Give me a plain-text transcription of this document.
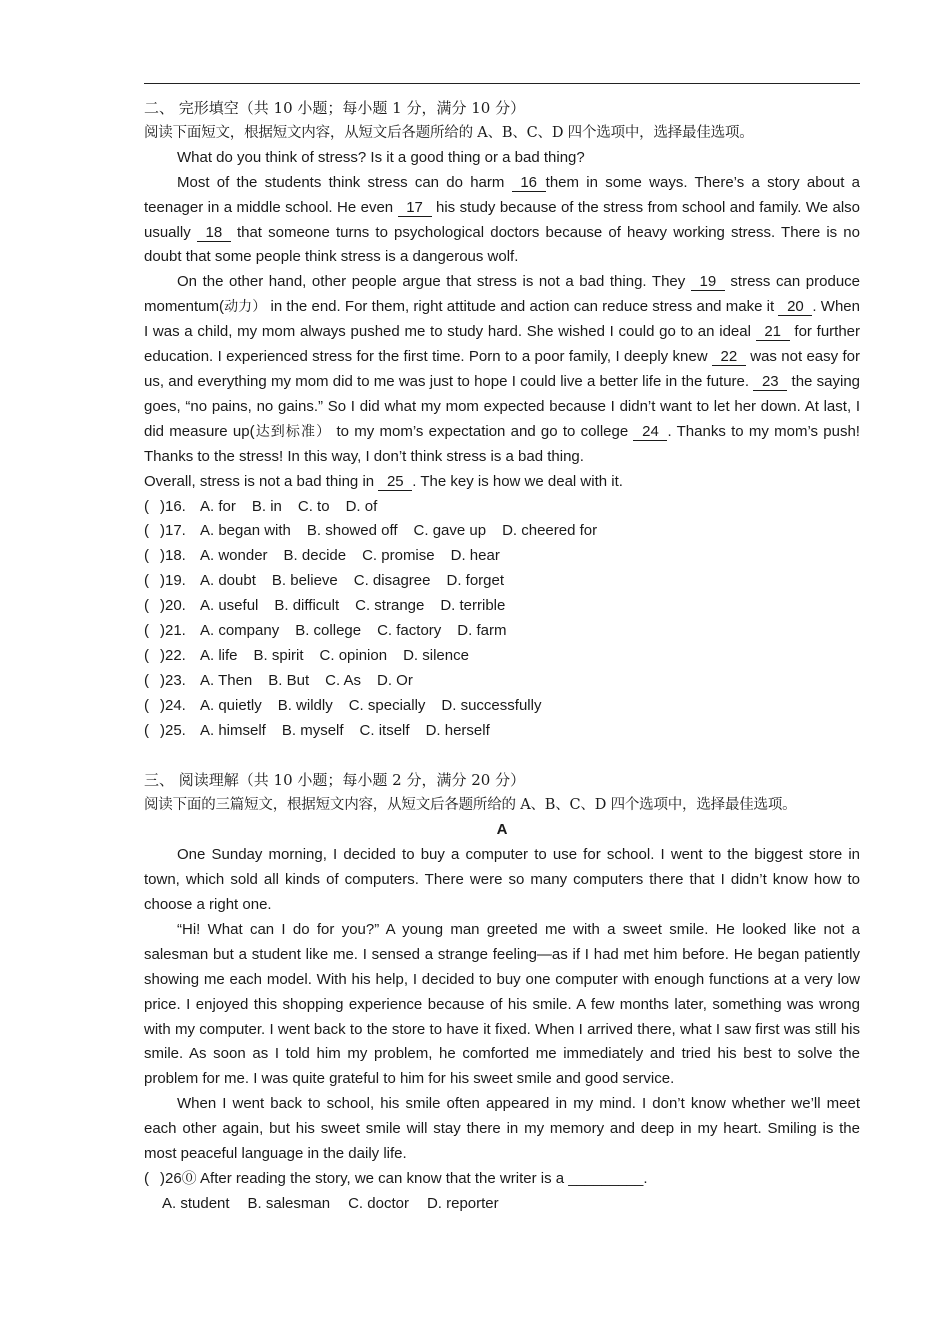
二、 完形填空（共 10 小题；每小题 1 分，满分 10 分）

阅读下面短文，根据短文内容，从短文后各题所给的 A、B、C、D 四个选项中，选择最佳选项。

What do you think of stress? Is it a good thing or a bad thing?

Most of the students think stress can do harm 16 them in some ways. There’s a story about a teenager in a middle school. He even 17 his study because of the stress from school and family. We also usually 18 that someone turns to psychological doctors because of heavy working stress. There is no doubt that some people think stress is a dangerous wolf.

On the other hand, other people argue that stress is not a bad thing. They 19 stress can produce momentum(动力） in the end. For them, right attitude and action can reduce stress and make it 20 . When I was a child, my mom always pushed me to study hard. She wished I could go to an ideal 21 for further education. I experienced stress for the first time. Porn to a poor family, I deeply knew 22 was not easy for us, and everything my mom did to me was just to hope I could live a better life in the future. 23 the saying goes, “no pains, no gains.” So I did what my mom expected because I didn’t want to let her down. At last, I did measure up(达到标准） to my mom’s expectation and go to college 24 . Thanks to my mom’s push! Thanks to the stress! In this way, I don’t think stress is a bad thing.

Overall, stress is not a bad thing in 25 . The key is how we deal with it.

( )16. A. for B. in C. to D. of

( )17. A. began with B. showed off C. gave up D. cheered for

( )18. A. wonder B. decide C. promise D. hear

( )19. A. doubt B. believe C. disagree D. forget

( )20. A. useful B. difficult C. strange D. terrible

( )21. A. company B. college C. factory D. farm

( )22. A. life B. spirit C. opinion D. silence

( )23. A. Then B. But C. As D. Or

( )24. A. quietly B. wildly C. specially D. successfully

( )25. A. himself B. myself C. itself D. herself

三、 阅读理解（共 10 小题；每小题 2 分，满分 20 分）

阅读下面的三篇短文，根据短文内容，从短文后各题所给的 A、B、C、D 四个选项中，选择最佳选项。

A

One Sunday morning, I decided to buy a computer to use for school. I went to the biggest store in town, which sold all kinds of computers. There were so many computers there that I didn’t know how to choose a right one.

“Hi! What can I do for you?” A young man greeted me with a sweet smile. He looked like not a salesman but a student like me. I sensed a strange feeling—as if I had met him before. He began patiently showing me each model. With his help, I decided to buy one computer with enough functions at a very low price. I enjoyed this shopping experience because of his smile. A few months later, something was wrong with my computer. I went back to the store to have it fixed. When I arrived there, what I saw first was still his smile. As soon as I told him my problem, he comforted me immediately and tried his best to solve the problem for me. I was quite grateful to him for his sweet smile and good service.

When I went back to school, his smile often appeared in my mind. I don’t know whether we’ll meet each other again, but his sweet smile will stay there in my memory and deep in my heart. Smiling is the most peaceful language in the daily life.

( )26⓪ After reading the story, we can know that the writer is a _________.

A. student B. salesman C. doctor D. reporter
